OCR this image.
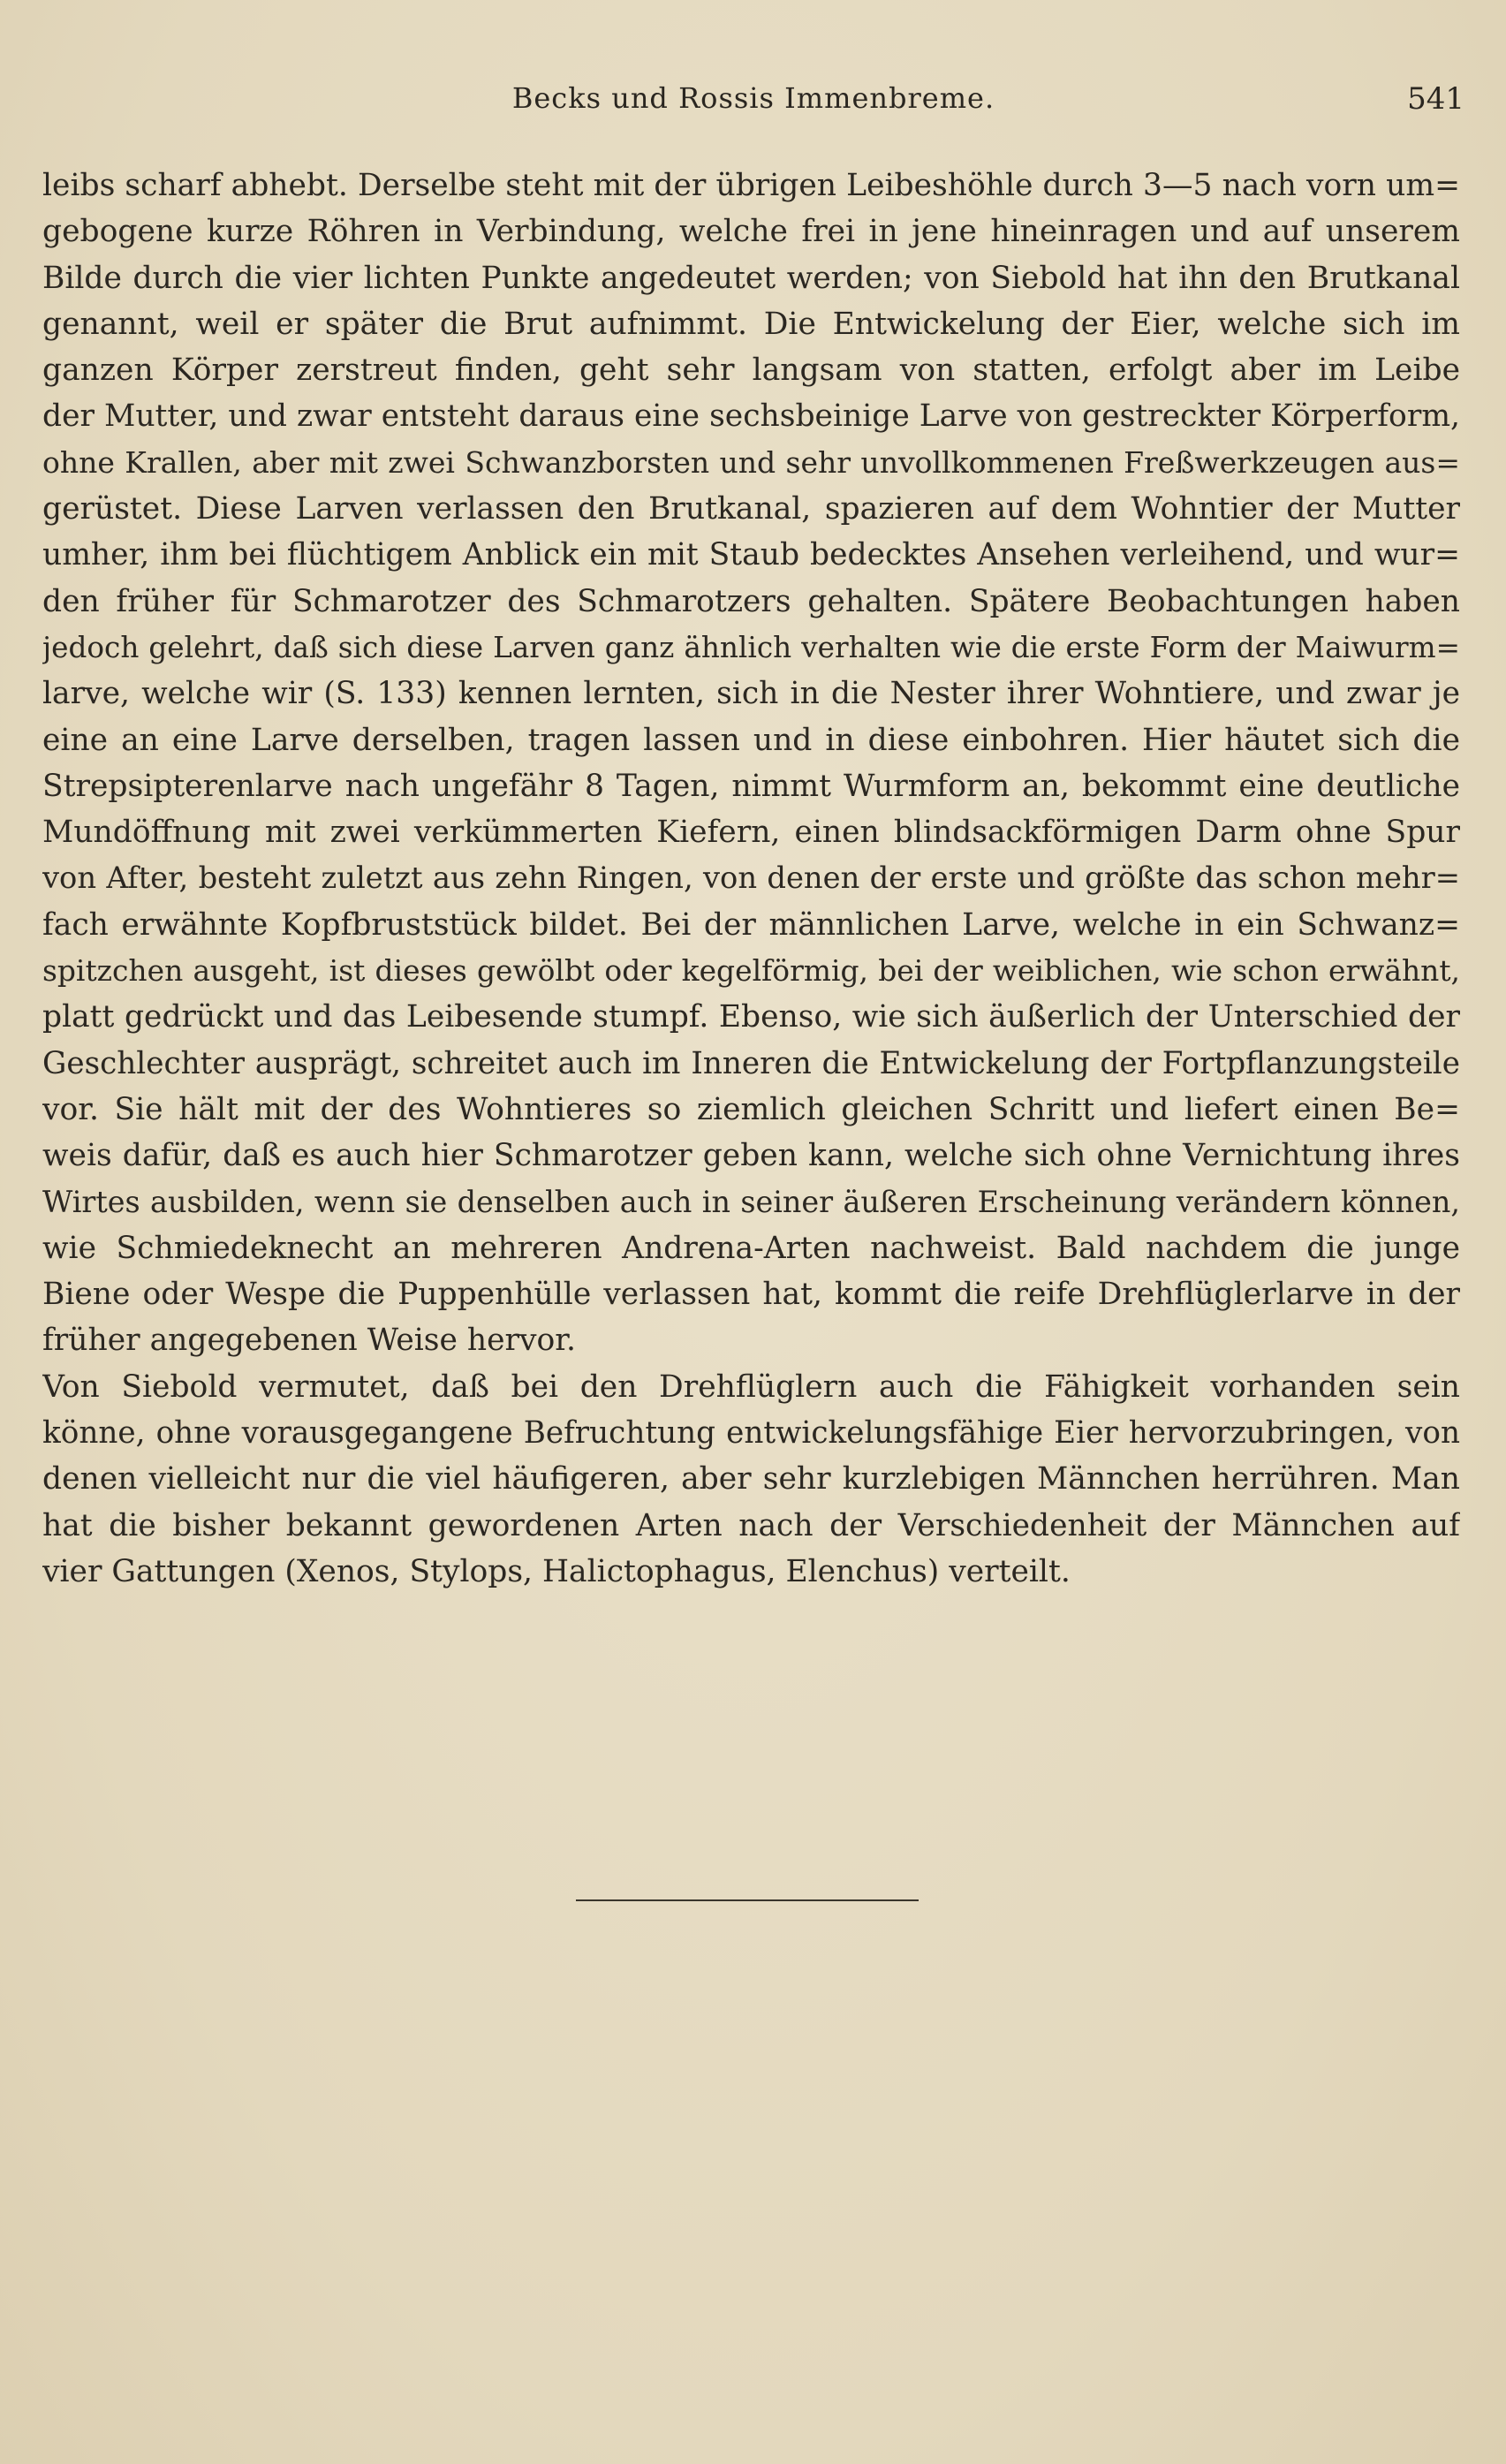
Becks und Rossis Immenbreme.	541
leibs scharf abhebt. Derselbe steht mit der übrigen Leibeshöhle durch 3—5 nach vorn um=
gebogene kurze Röhren in Verbindung, welche frei in jene hineinragen und auf unserem
Bilde durch die vier lichten Punkte angedeutet werden; von Siebold hat ihn den Brutkanal
genannt, weil er später die Brut aufnimmt. Die Entwickelung der Eier, welche sich im
ganzen Körper zerstreut finden, geht sehr langsam von statten, erfolgt aber im Leibe
der Mutter, und zwar entsteht daraus eine sechsbeinige Larve von gestreckter Körperform,
ohne Krallen, aber mit zwei Schwanzborsten und sehr unvollkommenen Freßwerkzeugen aus=
gerüstet. Diese Larven verlassen den Brutkanal, spazieren auf dem Wohntier der Mutter
umher, ihm bei flüchtigem Anblick ein mit Staub bedecktes Ansehen verleihend, und wur=
den früher für Schmarotzer des Schmarotzers gehalten. Spätere Beobachtungen haben
jedoch gelehrt, daß sich diese Larven ganz ähnlich verhalten wie die erste Form der Maiwurm=
larve, welche wir (S. 133) kennen lernten, sich in die Nester ihrer Wohntiere, und zwar je
eine an eine Larve derselben, tragen lassen und in diese einbohren. Hier häutet sich die
Strepsipterenlarve nach ungefähr 8 Tagen, nimmt Wurmform an, bekommt eine deutliche
Mundöffnung mit zwei verkümmerten Kiefern, einen blindsackförmigen Darm ohne Spur
von After, besteht zuletzt aus zehn Ringen, von denen der erste und größte das schon mehr=
fach erwähnte Kopfbruststück bildet. Bei der männlichen Larve, welche in ein Schwanz=
spitzchen ausgeht, ist dieses gewölbt oder kegelförmig, bei der weiblichen, wie schon erwähnt,
platt gedrückt und das Leibesende stumpf. Ebenso, wie sich äußerlich der Unterschied der
Geschlechter ausprägt, schreitet auch im Inneren die Entwickelung der Fortpflanzungsteile
vor. Sie hält mit der des Wohntieres so ziemlich gleichen Schritt und liefert einen Be=
weis dafür, daß es auch hier Schmarotzer geben kann, welche sich ohne Vernichtung ihres
Wirtes ausbilden, wenn sie denselben auch in seiner äußeren Erscheinung verändern können,
wie Schmiedeknecht an mehreren Andrena-Arten nachweist. Bald nachdem die junge
Biene oder Wespe die Puppenhülle verlassen hat, kommt die reife Drehflüglerlarve in der
früher angegebenen Weise hervor.
Von Siebold vermutet, daß bei den Drehflüglern auch die Fähigkeit vorhanden sein
könne, ohne vorausgegangene Befruchtung entwickelungsfähige Eier hervorzubringen, von
denen vielleicht nur die viel häufigeren, aber sehr kurzlebigen Männchen herrühren. Man
hat die bisher bekannt gewordenen Arten nach der Verschiedenheit der Männchen auf
vier Gattungen (Xenos, Stylops, Halictophagus, Elenchus) verteilt.
